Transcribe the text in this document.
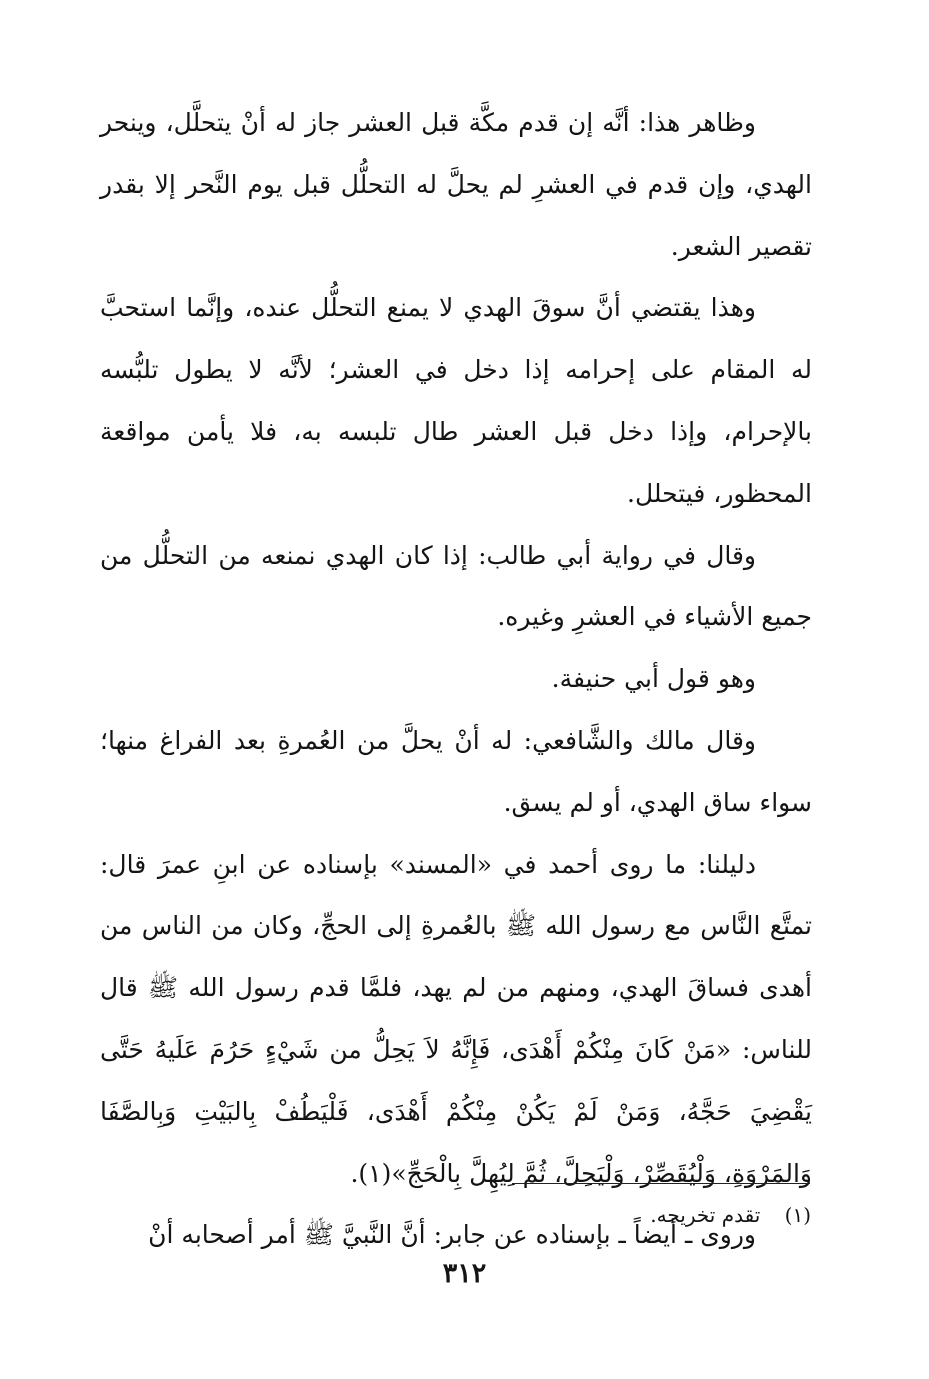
وظاهر هذا: أنَّه إن قدم مكَّة قبل العشر جاز له أنْ يتحلَّل، وينحر الهدي، وإن قدم في العشرِ لم يحلَّ له التحلُّل قبل يوم النَّحر إلا بقدر تقصير الشعر.

وهذا يقتضي أنَّ سوقَ الهدي لا يمنع التحلُّل عنده، وإنَّما استحبَّ له المقام على إحرامه إذا دخل في العشر؛ لأنَّه لا يطول تلبُّسه بالإحرام، وإذا دخل قبل العشر طال تلبسه به، فلا يأمن مواقعة المحظور، فيتحلل.

وقال في رواية أبي طالب: إذا كان الهدي نمنعه من التحلُّل من جميع الأشياء في العشرِ وغيره.

وهو قول أبي حنيفة.

وقال مالك والشَّافعي: له أنْ يحلَّ من العُمرةِ بعد الفراغ منها؛ سواء ساق الهدي، أو لم يسق.

دليلنا: ما روى أحمد في «المسند» بإسناده عن ابنِ عمرَ قال: تمتَّع النَّاس مع رسول الله ﷺ بالعُمرةِ إلى الحجِّ، وكان من الناس من أهدى فساقَ الهدي، ومنهم من لم يهد، فلمَّا قدم رسول الله ﷺ قال للناس: «مَنْ كَانَ مِنْكُمْ أَهْدَى، فَإِنَّهُ لاَ يَحِلُّ من شَيْءٍ حَرُمَ عَلَيهُ حَتَّى يَقْضِيَ حَجَّهُ، وَمَنْ لَمْ يَكُنْ مِنْكُمْ أَهْدَى، فَلْيَطُفْ بِالبَيْتِ وَبِالصَّفَا وَالمَرْوَةِ، وَلْيُقَصِّرْ، وَلْيَحِلَّ، ثُمَّ لِيُهِلَّ بِالْحَجِّ»(١).

وروى ـ أيضاً ـ بإسناده عن جابر: أنَّ النَّبيَّ ﷺ أمر أصحابه أنْ

(١) تقدم تخريجه.
٣١٢
